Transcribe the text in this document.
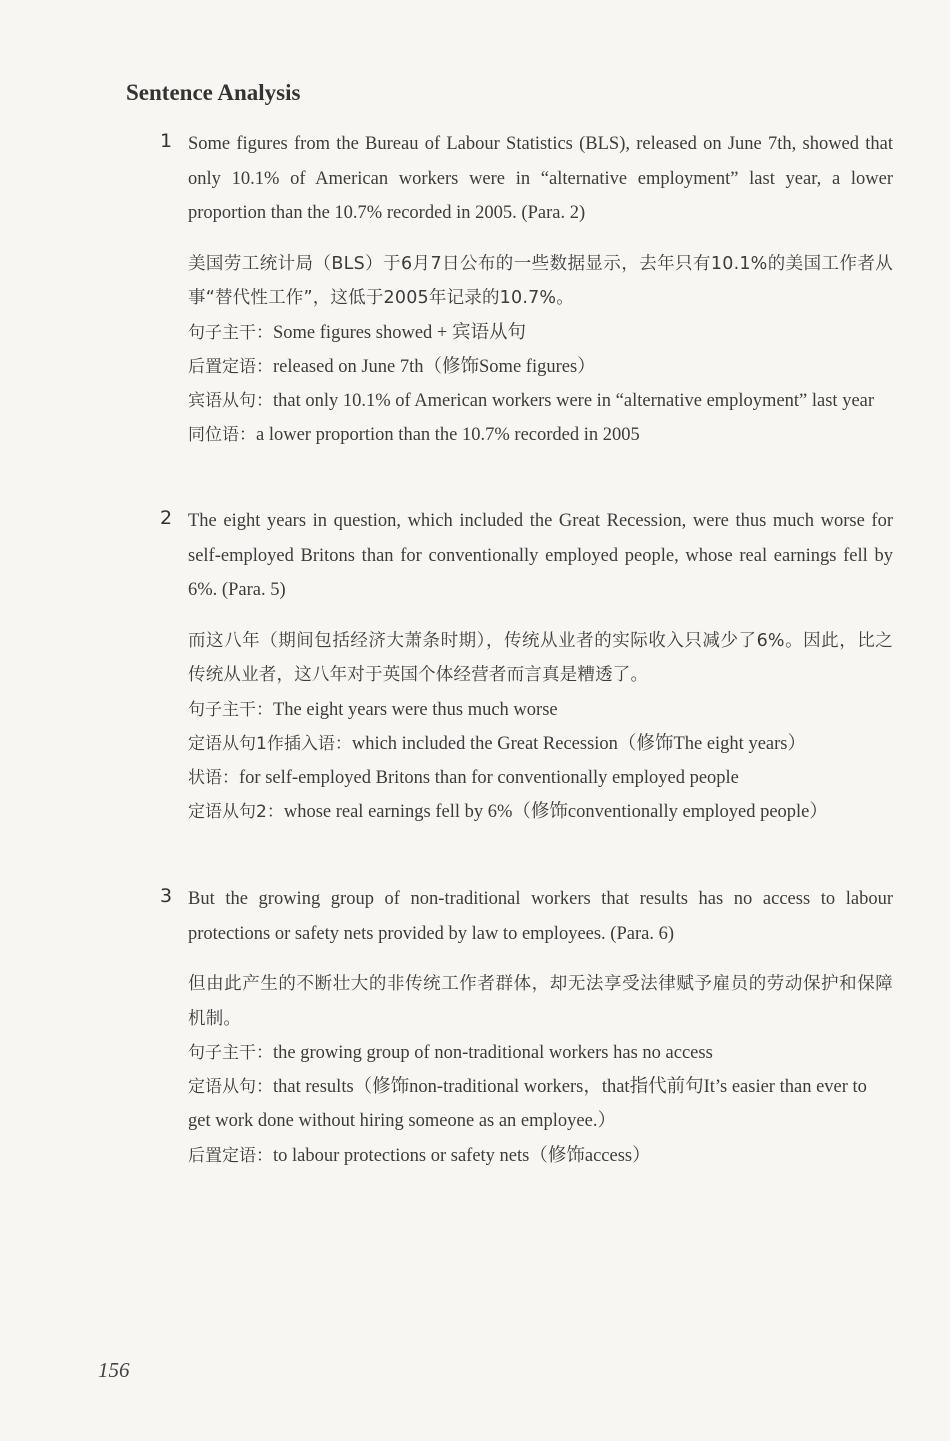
Sentence Analysis
1 Some figures from the Bureau of Labour Statistics (BLS), released on June 7th, showed that only 10.1% of American workers were in “alternative employment” last year, a lower proportion than the 10.7% recorded in 2005. (Para. 2)
美国劳工统计局（BLS）于6月7日公布的一些数据显示，去年只有10.1%的美国工作者从事“替代性工作”，这低于2005年记录的10.7%。
句子主干：Some figures showed + 宾语从句
后置定语：released on June 7th（修饰Some figures）
宾语从句：that only 10.1% of American workers were in “alternative employment” last year
同位语：a lower proportion than the 10.7% recorded in 2005
2 The eight years in question, which included the Great Recession, were thus much worse for self-employed Britons than for conventionally employed people, whose real earnings fell by 6%. (Para. 5)
而这八年（期间包括经济大萧条时期），传统从业者的实际收入只减少了6%。因此，比之传统从业者，这八年对于英国个体经营者而言真是糟透了。
句子主干：The eight years were thus much worse
定语从句1作插入语：which included the Great Recession（修饰The eight years）
状语：for self-employed Britons than for conventionally employed people
定语从句2：whose real earnings fell by 6%（修饰conventionally employed people）
3 But the growing group of non-traditional workers that results has no access to labour protections or safety nets provided by law to employees. (Para. 6)
但由此产生的不断壮大的非传统工作者群体，却无法享受法律赋予雇员的劳动保护和保障机制。
句子主干：the growing group of non-traditional workers has no access
定语从句：that results（修饰non-traditional workers，that指代前句It’s easier than ever to get work done without hiring someone as an employee.）
后置定语：to labour protections or safety nets（修饰access）
156
